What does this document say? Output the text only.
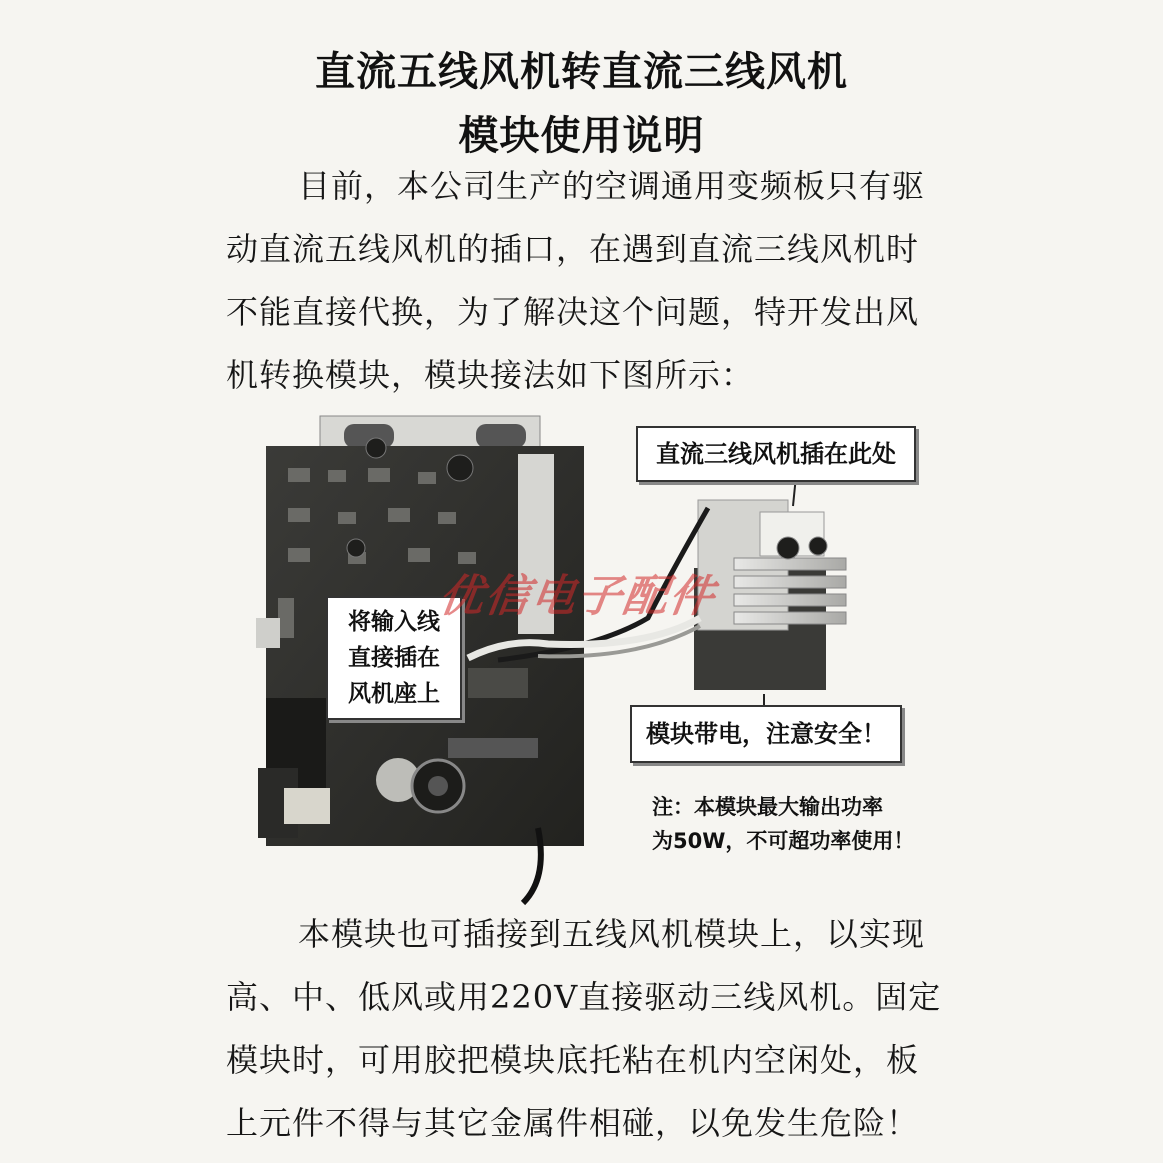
直流五线风机转直流三线风机
模块使用说明
目前，本公司生产的空调通用变频板只有驱
动直流五线风机的插口，在遇到直流三线风机时
不能直接代换，为了解决这个问题，特开发出风
机转换模块，模块接法如下图所示：
直流三线风机插在此处
将输入线
直接插在
风机座上
模块带电，注意安全！
注：本模块最大输出功率
为50W，不可超功率使用！
优信电子配件
本模块也可插接到五线风机模块上，以实现
高、中、低风或用220V直接驱动三线风机。固定
模块时，可用胶把模块底托粘在机内空闲处，板
上元件不得与其它金属件相碰，以免发生危险！
